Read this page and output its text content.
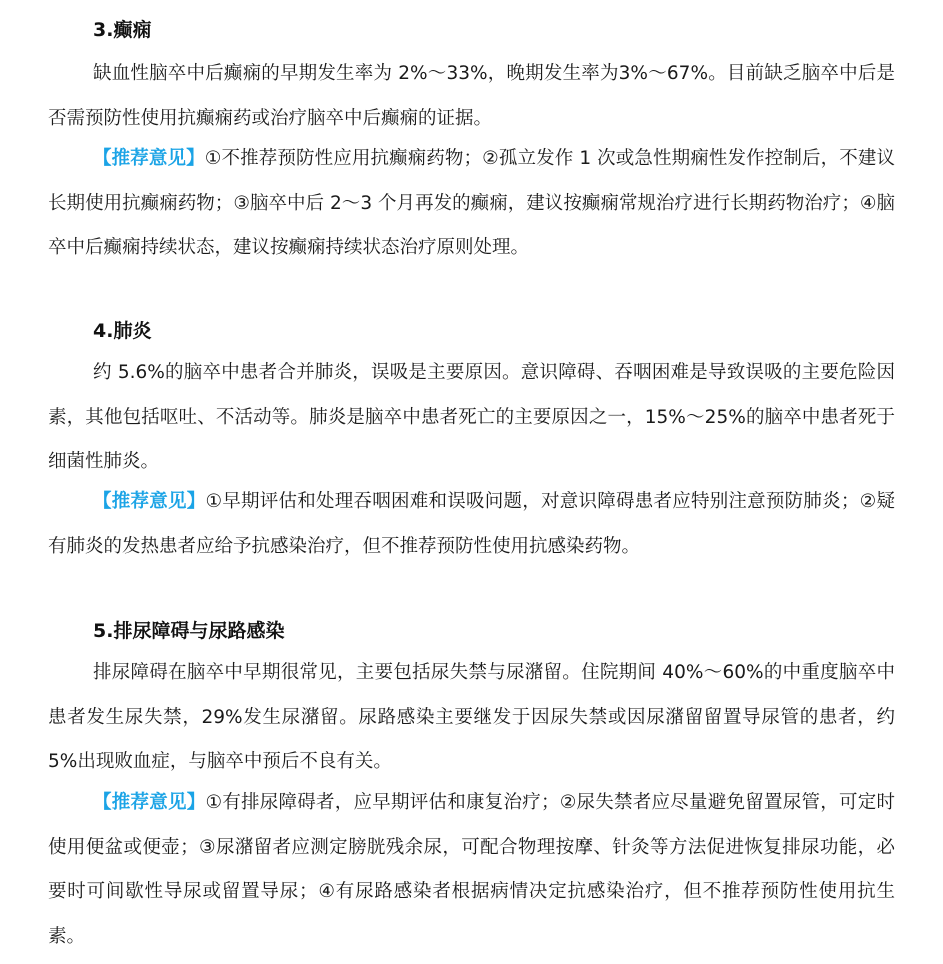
3.癫痫

缺血性脑卒中后癫痫的早期发生率为 2%～33%，晚期发生率为3%～67%。目前缺乏脑卒中后是否需预防性使用抗癫痫药或治疗脑卒中后癫痫的证据。

【推荐意见】①不推荐预防性应用抗癫痫药物；②孤立发作 1 次或急性期痫性发作控制后，不建议长期使用抗癫痫药物；③脑卒中后 2～3 个月再发的癫痫，建议按癫痫常规治疗进行长期药物治疗；④脑卒中后癫痫持续状态，建议按癫痫持续状态治疗原则处理。

4.肺炎

约 5.6%的脑卒中患者合并肺炎，误吸是主要原因。意识障碍、吞咽困难是导致误吸的主要危险因素，其他包括呕吐、不活动等。肺炎是脑卒中患者死亡的主要原因之一，15%～25%的脑卒中患者死于细菌性肺炎。

【推荐意见】①早期评估和处理吞咽困难和误吸问题，对意识障碍患者应特别注意预防肺炎；②疑有肺炎的发热患者应给予抗感染治疗，但不推荐预防性使用抗感染药物。

5.排尿障碍与尿路感染

排尿障碍在脑卒中早期很常见，主要包括尿失禁与尿潴留。住院期间 40%～60%的中重度脑卒中患者发生尿失禁，29%发生尿潴留。尿路感染主要继发于因尿失禁或因尿潴留留置导尿管的患者，约 5%出现败血症，与脑卒中预后不良有关。

【推荐意见】①有排尿障碍者，应早期评估和康复治疗；②尿失禁者应尽量避免留置尿管，可定时使用便盆或便壶；③尿潴留者应测定膀胱残余尿，可配合物理按摩、针灸等方法促进恢复排尿功能，必要时可间歇性导尿或留置导尿；④有尿路感染者根据病情决定抗感染治疗，但不推荐预防性使用抗生素。
